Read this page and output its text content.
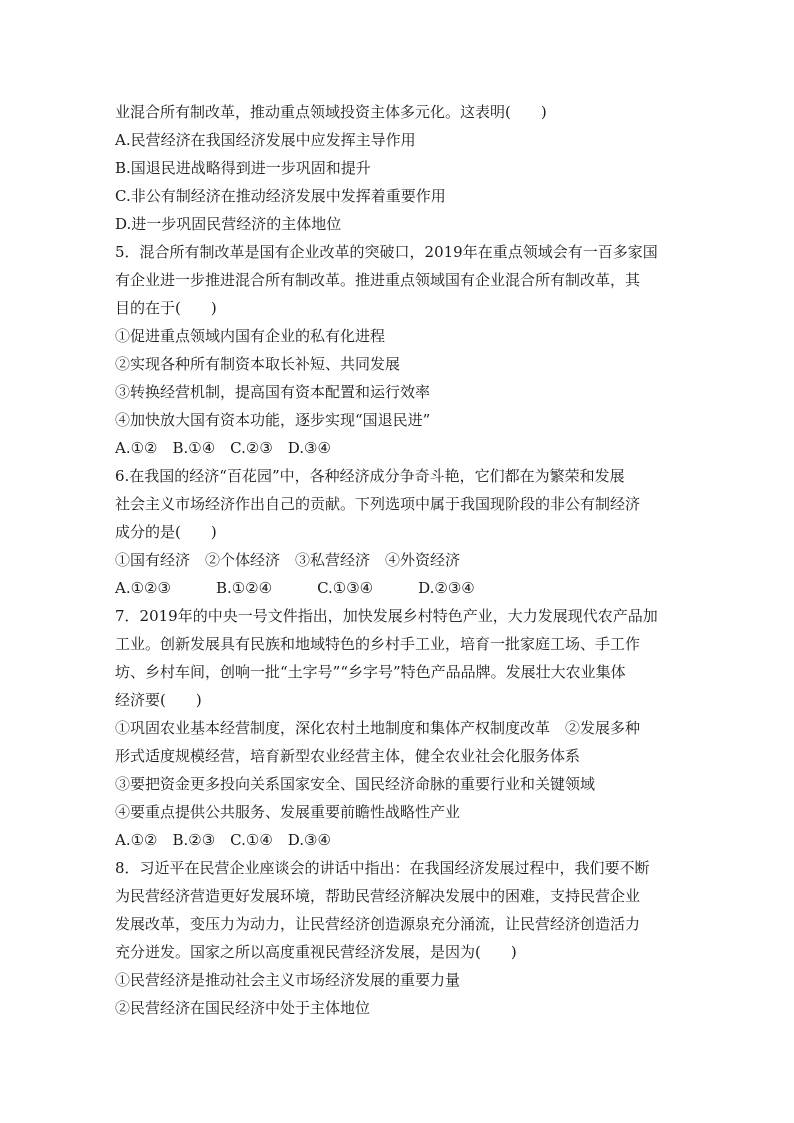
业混合所有制改革，推动重点领域投资主体多元化。这表明(　　)
A.民营经济在我国经济发展中应发挥主导作用
B.国退民进战略得到进一步巩固和提升
C.非公有制经济在推动经济发展中发挥着重要作用
D.进一步巩固民营经济的主体地位
5．混合所有制改革是国有企业改革的突破口，2019年在重点领域会有一百多家国
有企业进一步推进混合所有制改革。推进重点领域国有企业混合所有制改革，其
目的在于(　　)
①促进重点领域内国有企业的私有化进程
②实现各种所有制资本取长补短、共同发展
③转换经营机制，提高国有资本配置和运行效率
④加快放大国有资本功能，逐步实现“国退民进”
A.①②　B.①④　C.②③　D.③④
6.在我国的经济“百花园”中，各种经济成分争奇斗艳，它们都在为繁荣和发展
社会主义市场经济作出自己的贡献。下列选项中属于我国现阶段的非公有制经济
成分的是(　　)
①国有经济　②个体经济　③私营经济　④外资经济
A.①②③　　　B.①②④　　　C.①③④　　　D.②③④
7．2019年的中央一号文件指出，加快发展乡村特色产业，大力发展现代农产品加
工业。创新发展具有民族和地域特色的乡村手工业，培育一批家庭工场、手工作
坊、乡村车间，创响一批“土字号”“乡字号”特色产品品牌。发展壮大农业集体
经济要(　　)
①巩固农业基本经营制度，深化农村土地制度和集体产权制度改革　②发展多种
形式适度规模经营，培育新型农业经营主体，健全农业社会化服务体系
③要把资金更多投向关系国家安全、国民经济命脉的重要行业和关键领域
④要重点提供公共服务、发展重要前瞻性战略性产业
A.①②　B.②③　C.①④　D.③④
8．习近平在民营企业座谈会的讲话中指出：在我国经济发展过程中，我们要不断
为民营经济营造更好发展环境，帮助民营经济解决发展中的困难，支持民营企业
发展改革，变压力为动力，让民营经济创造源泉充分涌流，让民营经济创造活力
充分迸发。国家之所以高度重视民营经济发展，是因为(　　)
①民营经济是推动社会主义市场经济发展的重要力量
②民营经济在国民经济中处于主体地位
